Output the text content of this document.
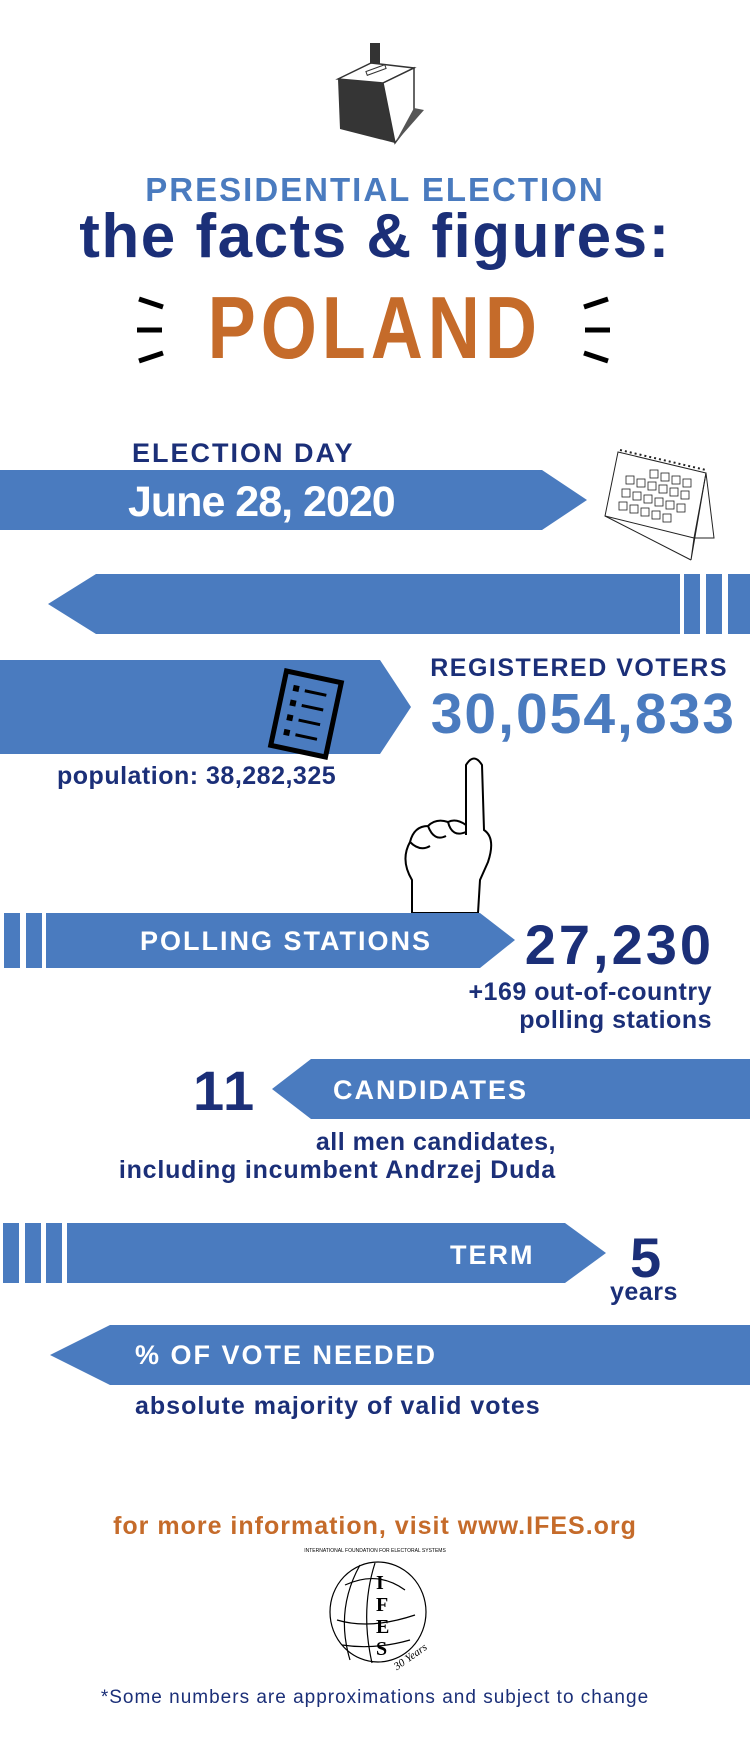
PRESIDENTIAL ELECTION
the facts & figures:
POLAND
ELECTION DAY
June 28, 2020
REGISTERED VOTERS
30,054,833
population: 38,282,325
POLLING STATIONS 27,230
+169 out-of-country
polling stations
11	CANDIDATES
all men candidates,
including incumbent Andrzej Duda
TERM 5
years
% OF VOTE NEEDED
absolute majority of valid votes
for more information, visit www.IFES.org
IFES 30 Years
INTERNATIONAL FOUNDATION FOR ELECTORAL SYSTEMS
*Some numbers are approximations and subject to change
